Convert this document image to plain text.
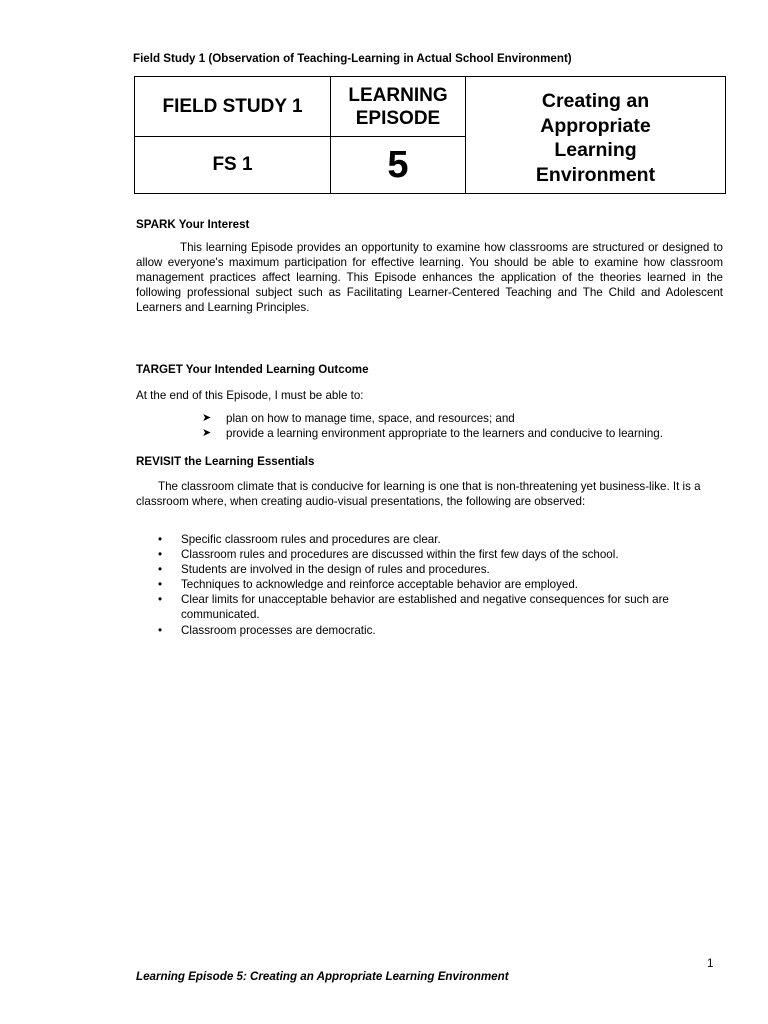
Field Study 1 (Observation of Teaching-Learning in Actual School Environment)
FIELD STUDY 1
LEARNING
EPISODE
FS 1	5
Creating an
Appropriate
Learning
Environment
SPARK Your Interest
This learning Episode provides an opportunity to examine how classrooms are structured or designed to allow everyone's maximum participation for effective learning. You should be able to examine how classroom management practices affect learning. This Episode enhances the application of the theories learned in the following professional subject such as Facilitating Learner-Centered Teaching and The Child and Adolescent Learners and Learning Principles.
TARGET Your Intended Learning Outcome
At the end of this Episode, I must be able to:
➤ plan on how to manage time, space, and resources; and
➤ provide a learning environment appropriate to the learners and conducive to learning.
REVISIT the Learning Essentials
The classroom climate that is conducive for learning is one that is non-threatening yet business-like. It is a classroom where, when creating audio-visual presentations, the following are observed:
• Specific classroom rules and procedures are clear.
• Classroom rules and procedures are discussed within the first few days of the school.
• Students are involved in the design of rules and procedures.
• Techniques to acknowledge and reinforce acceptable behavior are employed.
• Clear limits for unacceptable behavior are established and negative consequences for such are communicated.
• Classroom processes are democratic.
1
Learning Episode 5: Creating an Appropriate Learning Environment
